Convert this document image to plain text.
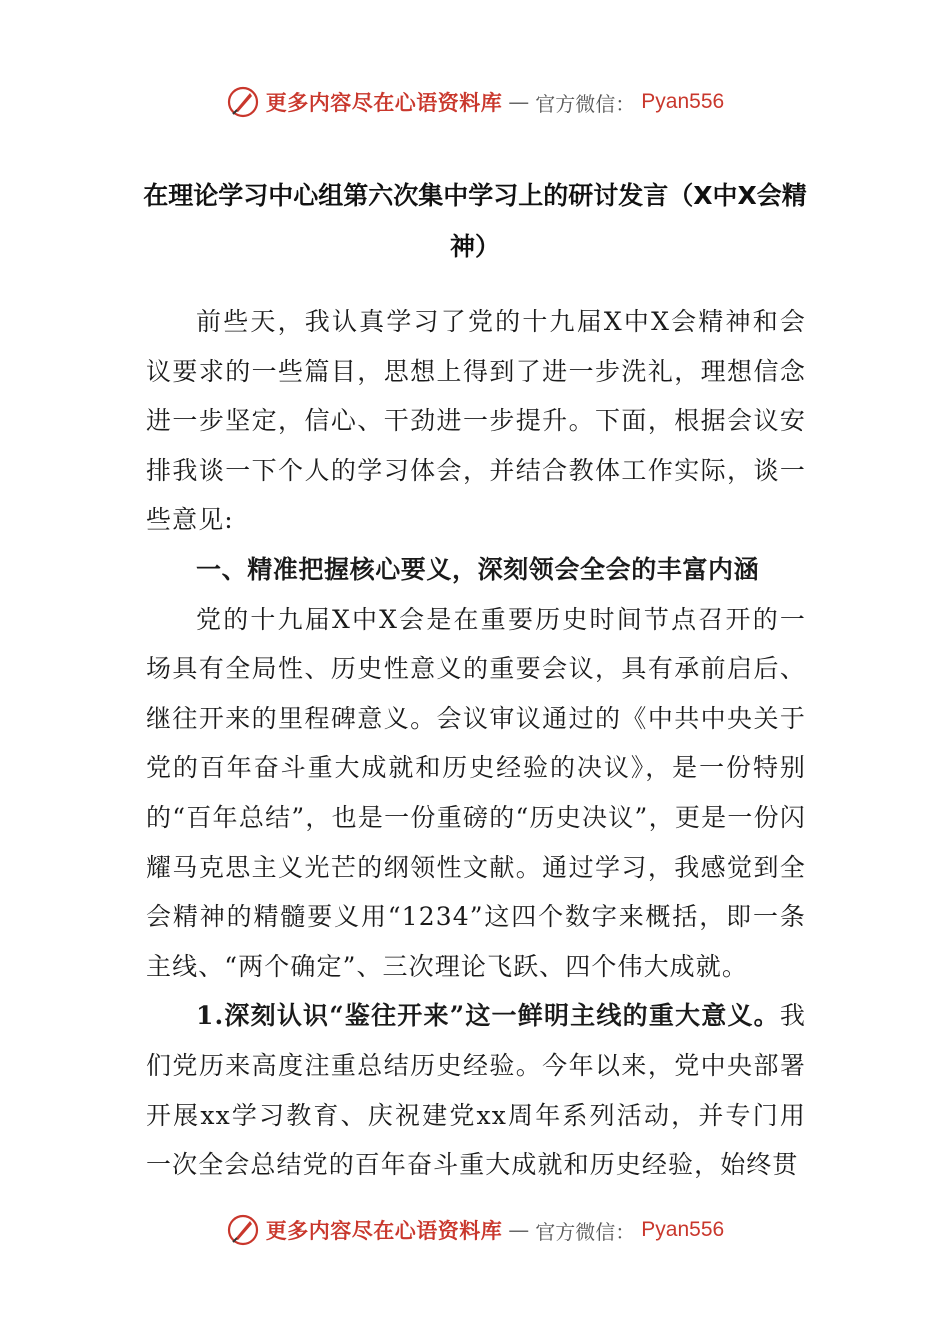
更多内容尽在心语资料库 — 官方微信： Pyan556
在理论学习中心组第六次集中学习上的研讨发言（X中X会精神）

前些天，我认真学习了党的十九届X中X会精神和会议要求的一些篇目，思想上得到了进一步洗礼，理想信念进一步坚定，信心、干劲进一步提升。下面，根据会议安排我谈一下个人的学习体会，并结合教体工作实际，谈一些意见:

一、精准把握核心要义，深刻领会全会的丰富内涵

党的十九届X中X会是在重要历史时间节点召开的一场具有全局性、历史性意义的重要会议，具有承前启后、继往开来的里程碑意义。会议审议通过的《中共中央关于党的百年奋斗重大成就和历史经验的决议》，是一份特别的“百年总结”，也是一份重磅的“历史决议”，更是一份闪耀马克思主义光芒的纲领性文献。通过学习，我感觉到全会精神的精髓要义用“1234”这四个数字来概括，即一条主线、“两个确定”、三次理论飞跃、四个伟大成就。

1.深刻认识“鉴往开来”这一鲜明主线的重大意义。我们党历来高度注重总结历史经验。今年以来，党中央部署开展xx学习教育、庆祝建党xx周年系列活动，并专门用一次全会总结党的百年奋斗重大成就和历史经验，始终贯

更多内容尽在心语资料库 — 官方微信： Pyan556
